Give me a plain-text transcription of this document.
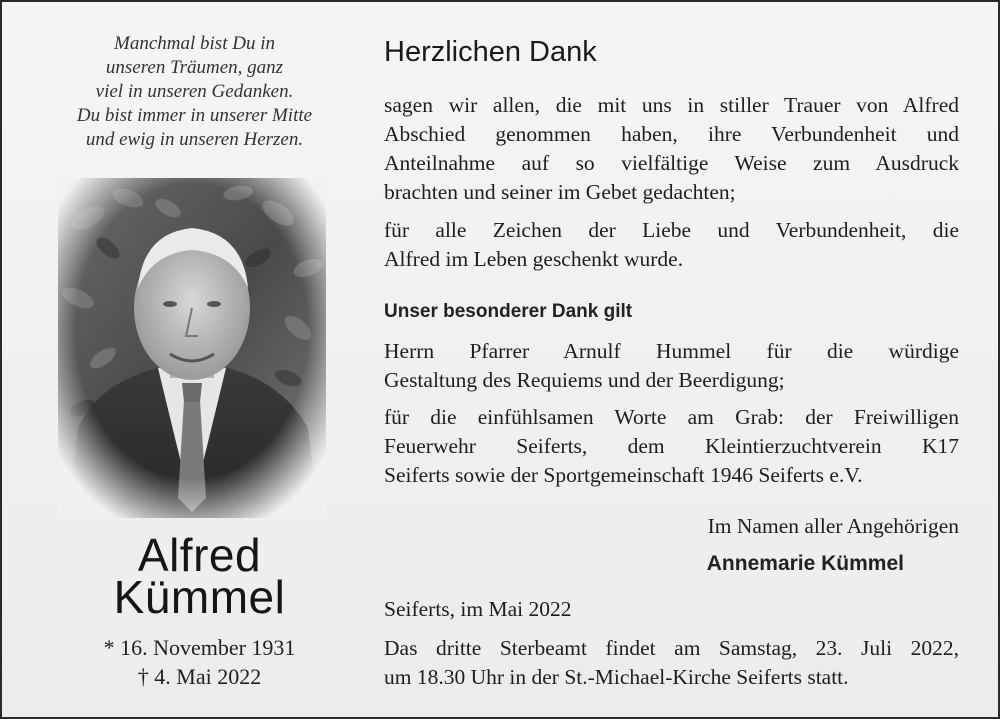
Manchmal bist Du in
unseren Träumen, ganz
viel in unseren Gedanken.
Du bist immer in unserer Mitte
und ewig in unseren Herzen.
Alfred
Kümmel
* 16. November 1931
† 4. Mai 2022
Herzlichen Dank
sagen wir allen, die mit uns in stiller Trauer von Alfred
Abschied genommen haben, ihre Verbundenheit und
Anteilnahme auf so vielfältige Weise zum Ausdruck
brachten und seiner im Gebet gedachten;
für alle Zeichen der Liebe und Verbundenheit, die
Alfred im Leben geschenkt wurde.
Unser besonderer Dank gilt
Herrn Pfarrer Arnulf Hummel für die würdige
Gestaltung des Requiems und der Beerdigung;
für die einfühlsamen Worte am Grab: der Freiwilligen
Feuerwehr Seiferts, dem Kleintierzuchtverein K17
Seiferts sowie der Sportgemeinschaft 1946 Seiferts e.V.
Im Namen aller Angehörigen
Annemarie Kümmel
Seiferts, im Mai 2022
Das dritte Sterbeamt findet am Samstag, 23. Juli 2022,
um 18.30 Uhr in der St.-Michael-Kirche Seiferts statt.
